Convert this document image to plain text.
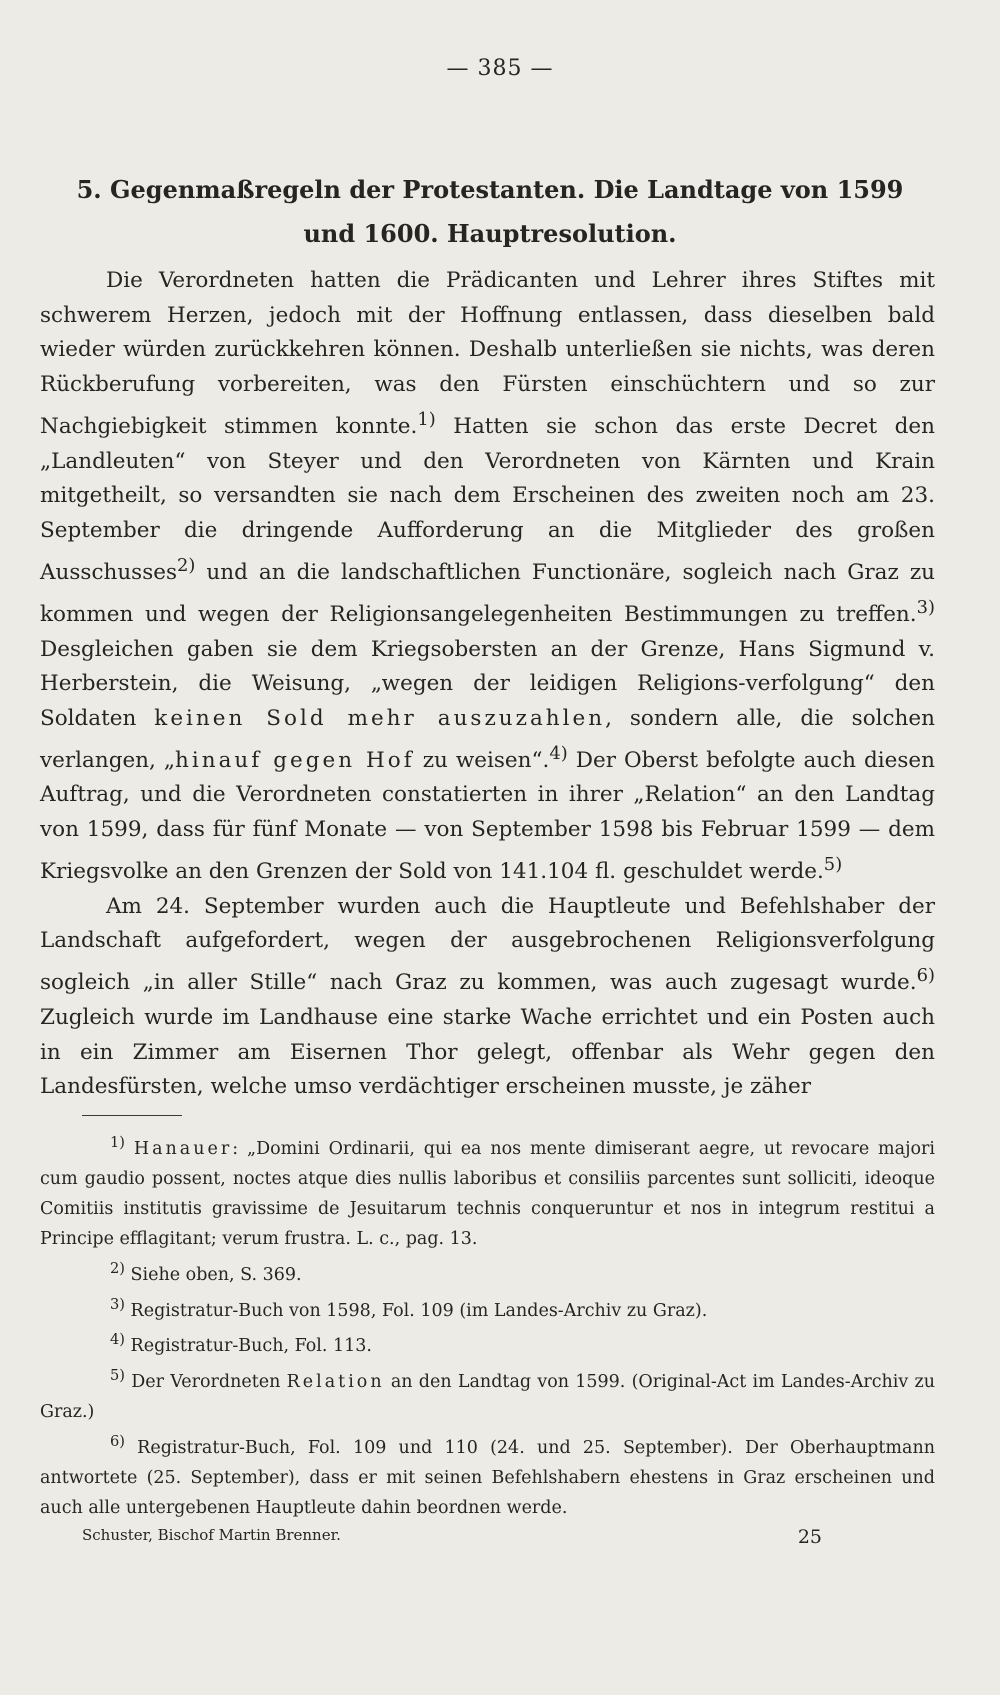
— 385 —
5. Gegenmaßregeln der Protestanten. Die Landtage von 1599
und 1600. Hauptresolution.

Die Verordneten hatten die Prädicanten und Lehrer ihres Stiftes mit schwerem Herzen, jedoch mit der Hoffnung entlassen, dass dieselben bald wieder würden zurückkehren können. Deshalb unterließen sie nichts, was deren Rückberufung vorbereiten, was den Fürsten einschüchtern und so zur Nachgiebigkeit stimmen konnte.$^{1)}$ Hatten sie schon das erste Decret den „Landleuten“ von Steyer und den Verordneten von Kärnten und Krain mitgetheilt, so versandten sie nach dem Erscheinen des zweiten noch am 23. September die dringende Aufforderung an die Mitglieder des großen Ausschusses$^{2)}$ und an die landschaftlichen Functionäre, sogleich nach Graz zu kommen und wegen der Religionsangelegenheiten Bestimmungen zu treffen.$^{3)}$ Desgleichen gaben sie dem Kriegsobersten an der Grenze, Hans Sigmund v. Herberstein, die Weisung, „wegen der leidigen Religions-verfolgung“ den Soldaten keinen Sold mehr auszuzahlen, sondern alle, die solchen verlangen, „hinauf gegen Hof zu weisen“.$^{4)}$ Der Oberst befolgte auch diesen Auftrag, und die Verordneten constatierten in ihrer „Relation“ an den Landtag von 1599, dass für fünf Monate — von September 1598 bis Februar 1599 — dem Kriegsvolke an den Grenzen der Sold von 141.104 fl. geschuldet werde.$^{5)}$

Am 24. September wurden auch die Hauptleute und Befehlshaber der Landschaft aufgefordert, wegen der ausgebrochenen Religionsverfolgung sogleich „in aller Stille“ nach Graz zu kommen, was auch zugesagt wurde.$^{6)}$ Zugleich wurde im Landhause eine starke Wache errichtet und ein Posten auch in ein Zimmer am Eisernen Thor gelegt, offenbar als Wehr gegen den Landesfürsten, welche umso verdächtiger erscheinen musste, je zäher

$^{1)}$ Hanauer: „Domini Ordinarii, qui ea nos mente dimiserant aegre, ut revocare majori cum gaudio possent, noctes atque dies nullis laboribus et consiliis parcentes sunt solliciti, ideoque Comitiis institutis gravissime de Jesuitarum technis conqueruntur et nos in integrum restitui a Principe efflagitant; verum frustra. L. c., pag. 13.

$^{2)}$ Siehe oben, S. 369.

$^{3)}$ Registratur-Buch von 1598, Fol. 109 (im Landes-Archiv zu Graz).

$^{4)}$ Registratur-Buch, Fol. 113.

$^{5)}$ Der Verordneten Relation an den Landtag von 1599. (Original-Act im Landes-Archiv zu Graz.)

$^{6)}$ Registratur-Buch, Fol. 109 und 110 (24. und 25. September). Der Oberhauptmann antwortete (25. September), dass er mit seinen Befehlshabern ehestens in Graz erscheinen und auch alle untergebenen Hauptleute dahin beordnen werde.

Schuster, Bischof Martin Brenner.	25
